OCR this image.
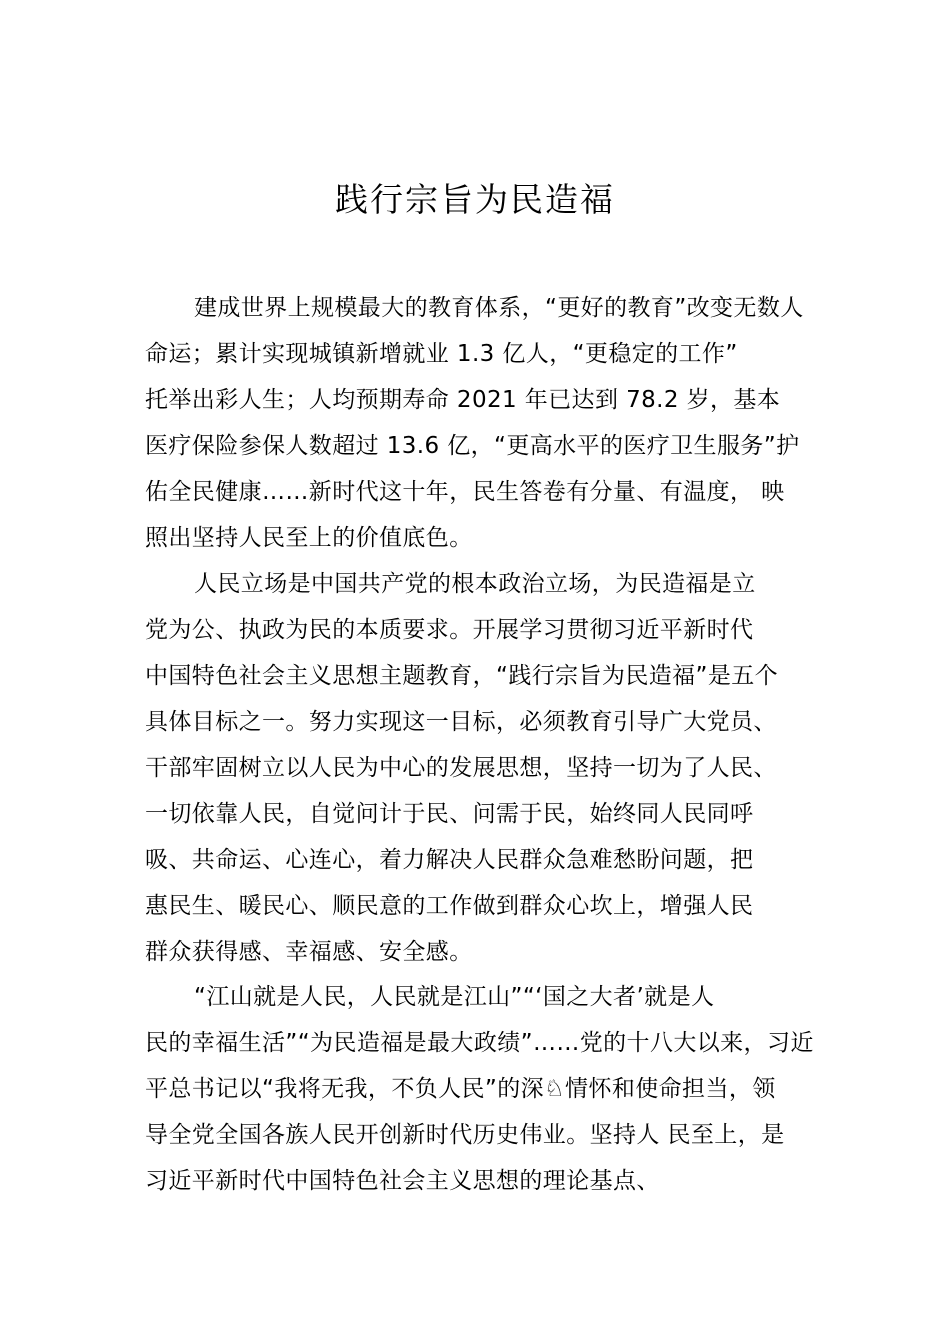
践行宗旨为民造福
建成世界上规模最大的教育体系，“更好的教育”改变无数人
命运；累计实现城镇新增就业 1.3 亿人，“更稳定的工作”
托举出彩人生；人均预期寿命 2021 年已达到 78.2 岁，基本
医疗保险参保人数超过 13.6 亿，“更高水平的医疗卫生服务”护
佑全民健康……新时代这十年，民生答卷有分量、有温度， 映
照出坚持人民至上的价值底色。
人民立场是中国共产党的根本政治立场，为民造福是立
党为公、执政为民的本质要求。开展学习贯彻习近平新时代
中国特色社会主义思想主题教育，“践行宗旨为民造福”是五个
具体目标之一。努力实现这一目标，必须教育引导广大党员、
干部牢固树立以人民为中心的发展思想，坚持一切为了人民、
一切依靠人民，自觉问计于民、问需于民，始终同人民同呼
吸、共命运、心连心，着力解决人民群众急难愁盼问题，把
惠民生、暖民心、顺民意的工作做到群众心坎上，增强人民
群众获得感、幸福感、安全感。
“江山就是人民，人民就是江山”“‘国之大者’就是人
民的幸福生活”“为民造福是最大政绩”……党的十八大以来，习近
平总书记以“我将无我，不负人民”的深♘情怀和使命担当，领
导全党全国各族人民开创新时代历史伟业。坚持人 民至上，是
习近平新时代中国特色社会主义思想的理论基点、
